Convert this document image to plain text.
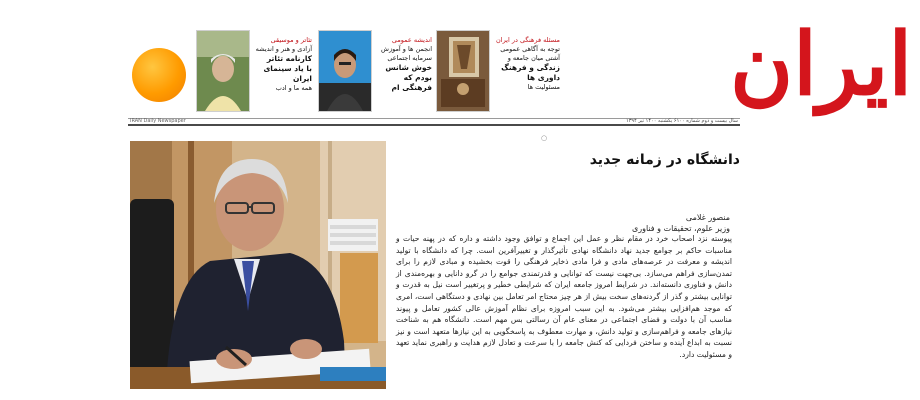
ایران
مسئله فرهنگی در ایران
توجه به آگاهی عمومی
آشتی میان جامعه و
زندگی و فرهنگ
داوری ها
مسئولیت ها
اندیشه عمومی
انجمن ها و آموزش
سرمایه اجتماعی
خوش شانس بودم که
فرهنگی ام
تئاتر و موسیقی
آزادی و هنر و اندیشه
کارنامه تئاتر
با یاد سینمای ایران
همه ما و ادب
IRAN Daily Newspaper	سال بیست و دوم شماره ۶۱۰۰ یکشنبه ۱۴۰۰ تیر ۱۳۹۴
○
دانشگاه در زمانه جدید
منصور غلامی
وزیر علوم، تحقیقات و فناوری
پیوسته نزد اصحاب خرد در مقام نظر و عمل این اجماع و توافق وجود داشته و داره که در پهنه حیات و مناسبات حاکم بر جوامع جدید نهاد دانشگاه نهادی تأثیرگذار و تغییرآفرین است. چرا که دانشگاه با تولید اندیشه و معرفت در عرصه‌های مادی و فرا مادی ذخایر فرهنگی را قوت بخشیده و مبادی لازم را برای تمدن‌سازی فراهم می‌سازد. بی‌جهت نیست که توانایی و قدرتمندی جوامع را در گرو دانایی و بهره‌مندی از دانش و فناوری دانسته‌اند. در شرایط امروز جامعه ایران که شرایطی خطیر و پرتغییر است نیل به قدرت و توانایی بیشتر و گذر از گردنه‌های سخت بیش از هر چیز محتاج امر تعامل بین نهادی و دستگاهی است، امری که موجد هم‌افزایی بیشتر می‌شود. به این سبب امروزه برای نظام آموزش عالی کشور تعامل و پیوند مناسب آن با دولت و فضای اجتماعی در معنای عام آن رسالتی بس مهم است. دانشگاه هم به شناخت نیازهای جامعه و فراهم‌سازی و تولید دانش، و مهارت معطوف به پاسخگویی به این نیازها متعهد است و نیز نسبت به ابداع آینده و ساختن فردایی که کنش جامعه را با سرعت و تعادل لازم هدایت و راهبری نماید تعهد و مسئولیت دارد.
